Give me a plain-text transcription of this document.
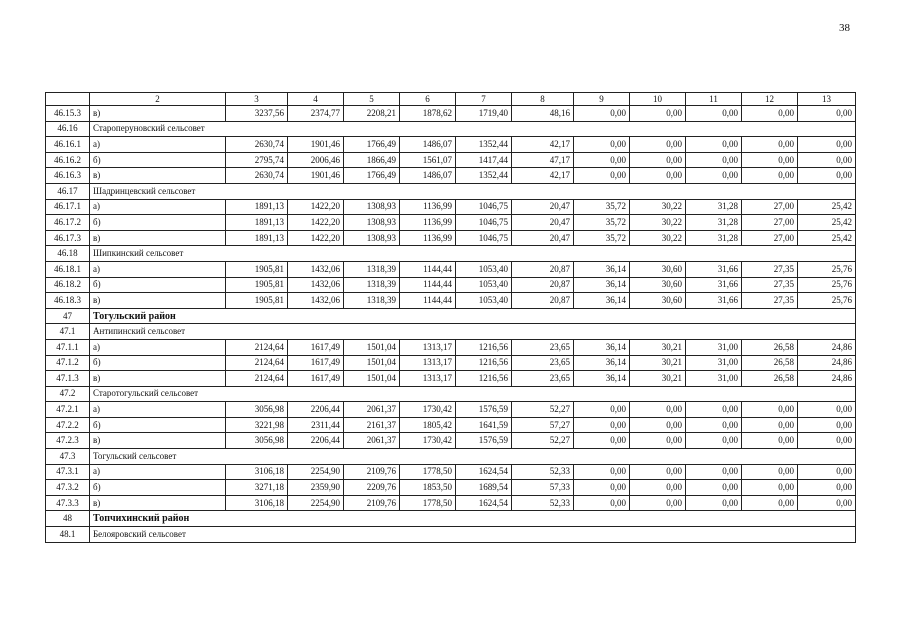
38
	2	3	4	5	6	7	8	9	10	11	12	13
46.15.3	в)	3237,56	2374,77	2208,21	1878,62	1719,40	48,16	0,00	0,00	0,00	0,00	0,00
46.16	Староперуновский сельсовет											
46.16.1	а)	2630,74	1901,46	1766,49	1486,07	1352,44	42,17	0,00	0,00	0,00	0,00	0,00
46.16.2	б)	2795,74	2006,46	1866,49	1561,07	1417,44	47,17	0,00	0,00	0,00	0,00	0,00
46.16.3	в)	2630,74	1901,46	1766,49	1486,07	1352,44	42,17	0,00	0,00	0,00	0,00	0,00
46.17	Шадринцевский сельсовет											
46.17.1	а)	1891,13	1422,20	1308,93	1136,99	1046,75	20,47	35,72	30,22	31,28	27,00	25,42
46.17.2	б)	1891,13	1422,20	1308,93	1136,99	1046,75	20,47	35,72	30,22	31,28	27,00	25,42
46.17.3	в)	1891,13	1422,20	1308,93	1136,99	1046,75	20,47	35,72	30,22	31,28	27,00	25,42
46.18	Шипкинский сельсовет											
46.18.1	а)	1905,81	1432,06	1318,39	1144,44	1053,40	20,87	36,14	30,60	31,66	27,35	25,76
46.18.2	б)	1905,81	1432,06	1318,39	1144,44	1053,40	20,87	36,14	30,60	31,66	27,35	25,76
46.18.3	в)	1905,81	1432,06	1318,39	1144,44	1053,40	20,87	36,14	30,60	31,66	27,35	25,76
47	Тогульский район											
47.1	Антипинский сельсовет											
47.1.1	а)	2124,64	1617,49	1501,04	1313,17	1216,56	23,65	36,14	30,21	31,00	26,58	24,86
47.1.2	б)	2124,64	1617,49	1501,04	1313,17	1216,56	23,65	36,14	30,21	31,00	26,58	24,86
47.1.3	в)	2124,64	1617,49	1501,04	1313,17	1216,56	23,65	36,14	30,21	31,00	26,58	24,86
47.2	Старотогульский сельсовет											
47.2.1	а)	3056,98	2206,44	2061,37	1730,42	1576,59	52,27	0,00	0,00	0,00	0,00	0,00
47.2.2	б)	3221,98	2311,44	2161,37	1805,42	1641,59	57,27	0,00	0,00	0,00	0,00	0,00
47.2.3	в)	3056,98	2206,44	2061,37	1730,42	1576,59	52,27	0,00	0,00	0,00	0,00	0,00
47.3	Тогульский сельсовет											
47.3.1	а)	3106,18	2254,90	2109,76	1778,50	1624,54	52,33	0,00	0,00	0,00	0,00	0,00
47.3.2	б)	3271,18	2359,90	2209,76	1853,50	1689,54	57,33	0,00	0,00	0,00	0,00	0,00
47.3.3	в)	3106,18	2254,90	2109,76	1778,50	1624,54	52,33	0,00	0,00	0,00	0,00	0,00
48	Топчихинский район											
48.1	Белояровский сельсовет											
